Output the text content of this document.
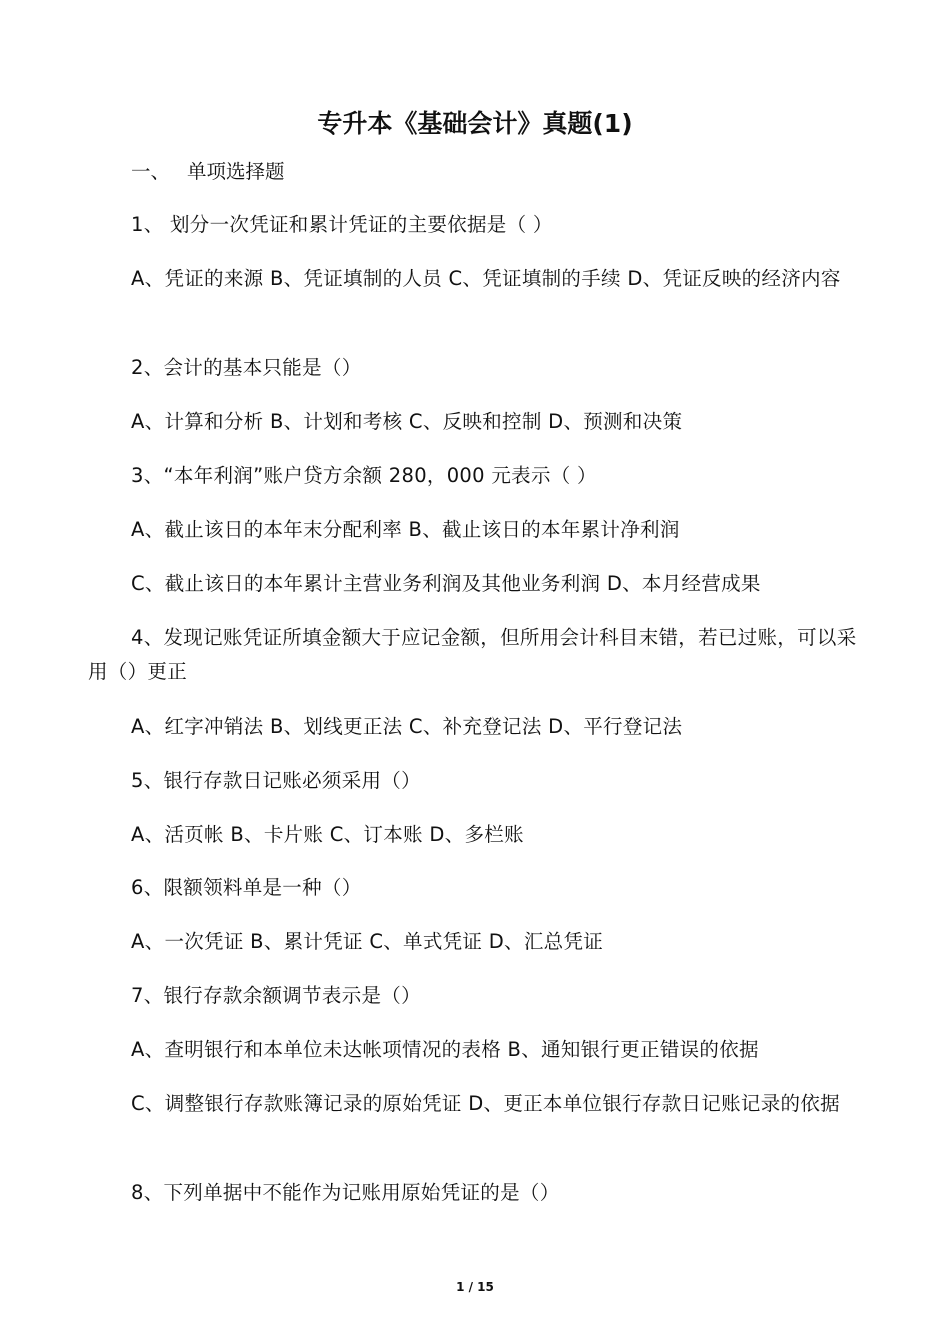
专升本《基础会计》真题(1)
一、 单项选择题
1、 划分一次凭证和累计凭证的主要依据是（ ）
A、凭证的来源 B、凭证填制的人员 C、凭证填制的手续 D、凭证反映的经济内容
2、会计的基本只能是（）
A、计算和分析 B、计划和考核 C、反映和控制 D、预测和决策
3、“本年利润”账户贷方余额 280，000 元表示（ ）
A、截止该日的本年末分配利率 B、截止该日的本年累计净利润
C、截止该日的本年累计主营业务利润及其他业务利润 D、本月经营成果
4、发现记账凭证所填金额大于应记金额，但所用会计科目末错，若已过账，可以采用（）更正
A、红字冲销法 B、划线更正法 C、补充登记法 D、平行登记法
5、银行存款日记账必须采用（）
A、活页帐 B、卡片账 C、订本账 D、多栏账
6、限额领料单是一种（）
A、一次凭证 B、累计凭证 C、单式凭证 D、汇总凭证
7、银行存款余额调节表示是（）
A、查明银行和本单位未达帐项情况的表格 B、通知银行更正错误的依据
C、调整银行存款账簿记录的原始凭证 D、更正本单位银行存款日记账记录的依据
8、下列单据中不能作为记账用原始凭证的是（）
1 / 15
